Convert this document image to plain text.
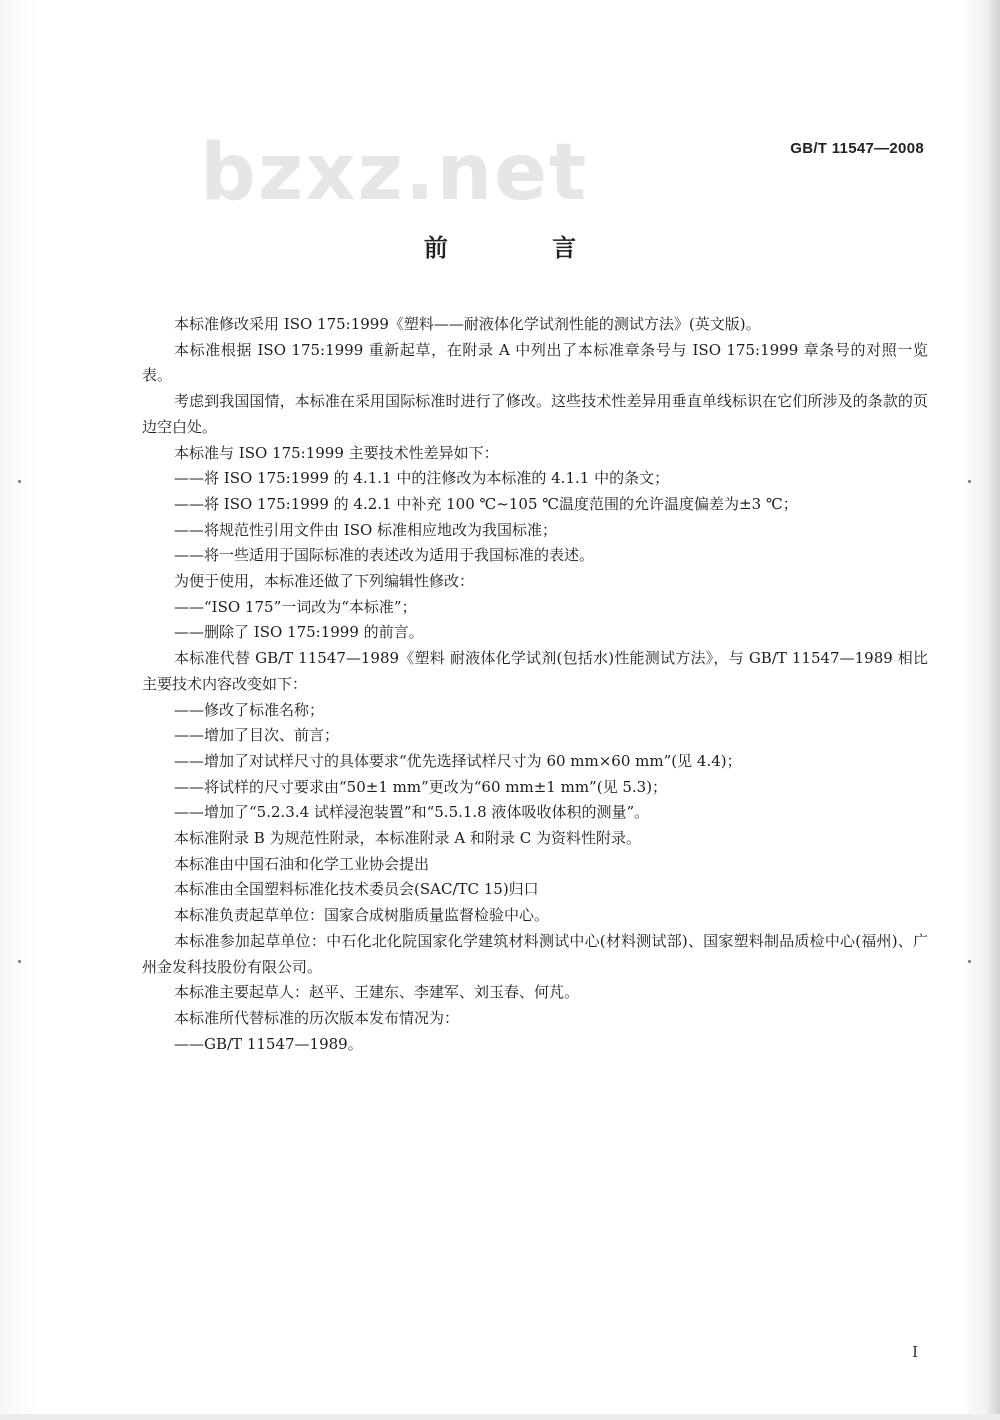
bzxz.net	GB/T 11547—2008
前 言

本标准修改采用 ISO 175:1999《塑料——耐液体化学试剂性能的测试方法》(英文版)。

本标准根据 ISO 175:1999 重新起草，在附录 A 中列出了本标准章条号与 ISO 175:1999 章条号的对照一览表。

考虑到我国国情，本标准在采用国际标准时进行了修改。这些技术性差异用垂直单线标识在它们所涉及的条款的页边空白处。

本标准与 ISO 175:1999 主要技术性差异如下：

——将 ISO 175:1999 的 4.1.1 中的注修改为本标准的 4.1.1 中的条文；

——将 ISO 175:1999 的 4.2.1 中补充 100 ℃~105 ℃温度范围的允许温度偏差为±3 ℃；

——将规范性引用文件由 ISO 标准相应地改为我国标准；

——将一些适用于国际标准的表述改为适用于我国标准的表述。

为便于使用，本标准还做了下列编辑性修改：

——“ISO 175”一词改为“本标准”；

——删除了 ISO 175:1999 的前言。

本标准代替 GB/T 11547—1989《塑料 耐液体化学试剂(包括水)性能测试方法》，与 GB/T 11547—1989 相比主要技术内容改变如下：

——修改了标准名称；

——增加了目次、前言；

——增加了对试样尺寸的具体要求“优先选择试样尺寸为 60 mm×60 mm”(见 4.4)；

——将试样的尺寸要求由“50±1 mm”更改为“60 mm±1 mm”(见 5.3)；

——增加了“5.2.3.4 试样浸泡装置”和“5.5.1.8 液体吸收体积的测量”。

本标准附录 B 为规范性附录，本标准附录 A 和附录 C 为资料性附录。

本标准由中国石油和化学工业协会提出

本标准由全国塑料标准化技术委员会(SAC/TC 15)归口

本标准负责起草单位：国家合成树脂质量监督检验中心。

本标准参加起草单位：中石化北化院国家化学建筑材料测试中心(材料测试部)、国家塑料制品质检中心(福州)、广州金发科技股份有限公司。

本标准主要起草人：赵平、王建东、李建军、刘玉春、何芃。

本标准所代替标准的历次版本发布情况为：

——GB/T 11547—1989。

I
